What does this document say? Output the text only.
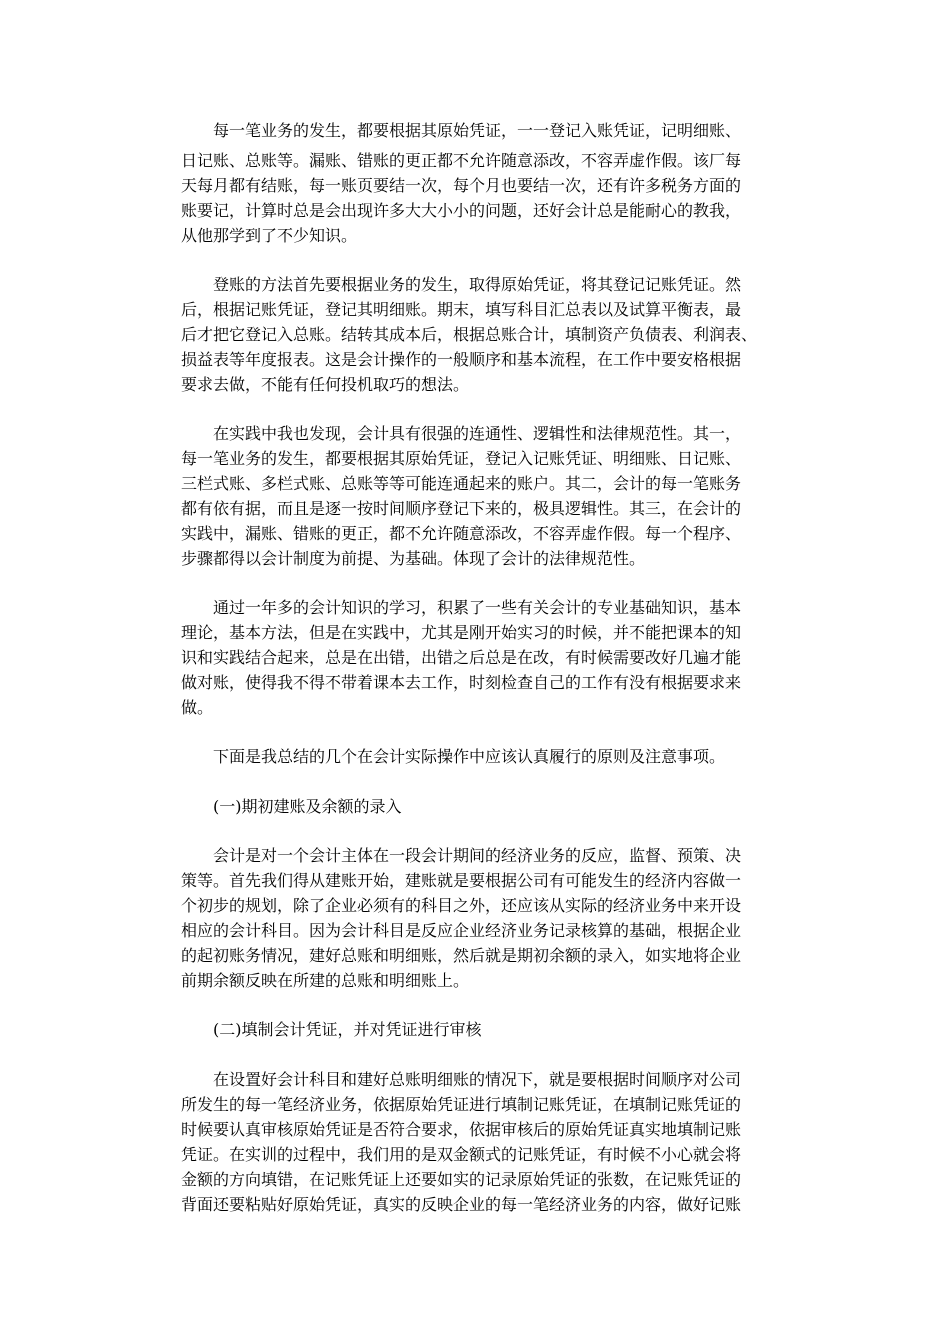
每一笔业务的发生，都要根据其原始凭证，一一登记入账凭证，记明细账、

日记账、总账等。漏账、错账的更正都不允许随意添改，不容弄虚作假。该厂每

天每月都有结账，每一账页要结一次，每个月也要结一次，还有许多税务方面的

账要记，计算时总是会出现许多大大小小的问题，还好会计总是能耐心的教我，

从他那学到了不少知识。

登账的方法首先要根据业务的发生，取得原始凭证，将其登记记账凭证。然

后，根据记账凭证，登记其明细账。期末，填写科目汇总表以及试算平衡表，最

后才把它登记入总账。结转其成本后，根据总账合计，填制资产负债表、利润表、

损益表等年度报表。这是会计操作的一般顺序和基本流程，在工作中要安格根据

要求去做，不能有任何投机取巧的想法。

在实践中我也发现，会计具有很强的连通性、逻辑性和法律规范性。其一，

每一笔业务的发生，都要根据其原始凭证，登记入记账凭证、明细账、日记账、

三栏式账、多栏式账、总账等等可能连通起来的账户。其二，会计的每一笔账务

都有依有据，而且是逐一按时间顺序登记下来的，极具逻辑性。其三，在会计的

实践中，漏账、错账的更正，都不允许随意添改，不容弄虚作假。每一个程序、

步骤都得以会计制度为前提、为基础。体现了会计的法律规范性。

通过一年多的会计知识的学习，积累了一些有关会计的专业基础知识，基本

理论，基本方法，但是在实践中，尤其是刚开始实习的时候，并不能把课本的知

识和实践结合起来，总是在出错，出错之后总是在改，有时候需要改好几遍才能

做对账，使得我不得不带着课本去工作，时刻检查自己的工作有没有根据要求来

做。

下面是我总结的几个在会计实际操作中应该认真履行的原则及注意事项。

(一)期初建账及余额的录入

会计是对一个会计主体在一段会计期间的经济业务的反应，监督、预策、决

策等。首先我们得从建账开始，建账就是要根据公司有可能发生的经济内容做一

个初步的规划，除了企业必须有的科目之外，还应该从实际的经济业务中来开设

相应的会计科目。因为会计科目是反应企业经济业务记录核算的基础，根据企业

的起初账务情况，建好总账和明细账，然后就是期初余额的录入，如实地将企业

前期余额反映在所建的总账和明细账上。

(二)填制会计凭证，并对凭证进行审核

在设置好会计科目和建好总账明细账的情况下，就是要根据时间顺序对公司

所发生的每一笔经济业务，依据原始凭证进行填制记账凭证，在填制记账凭证的

时候要认真审核原始凭证是否符合要求，依据审核后的原始凭证真实地填制记账

凭证。在实训的过程中，我们用的是双金额式的记账凭证，有时候不小心就会将

金额的方向填错，在记账凭证上还要如实的记录原始凭证的张数，在记账凭证的

背面还要粘贴好原始凭证，真实的反映企业的每一笔经济业务的内容，做好记账
